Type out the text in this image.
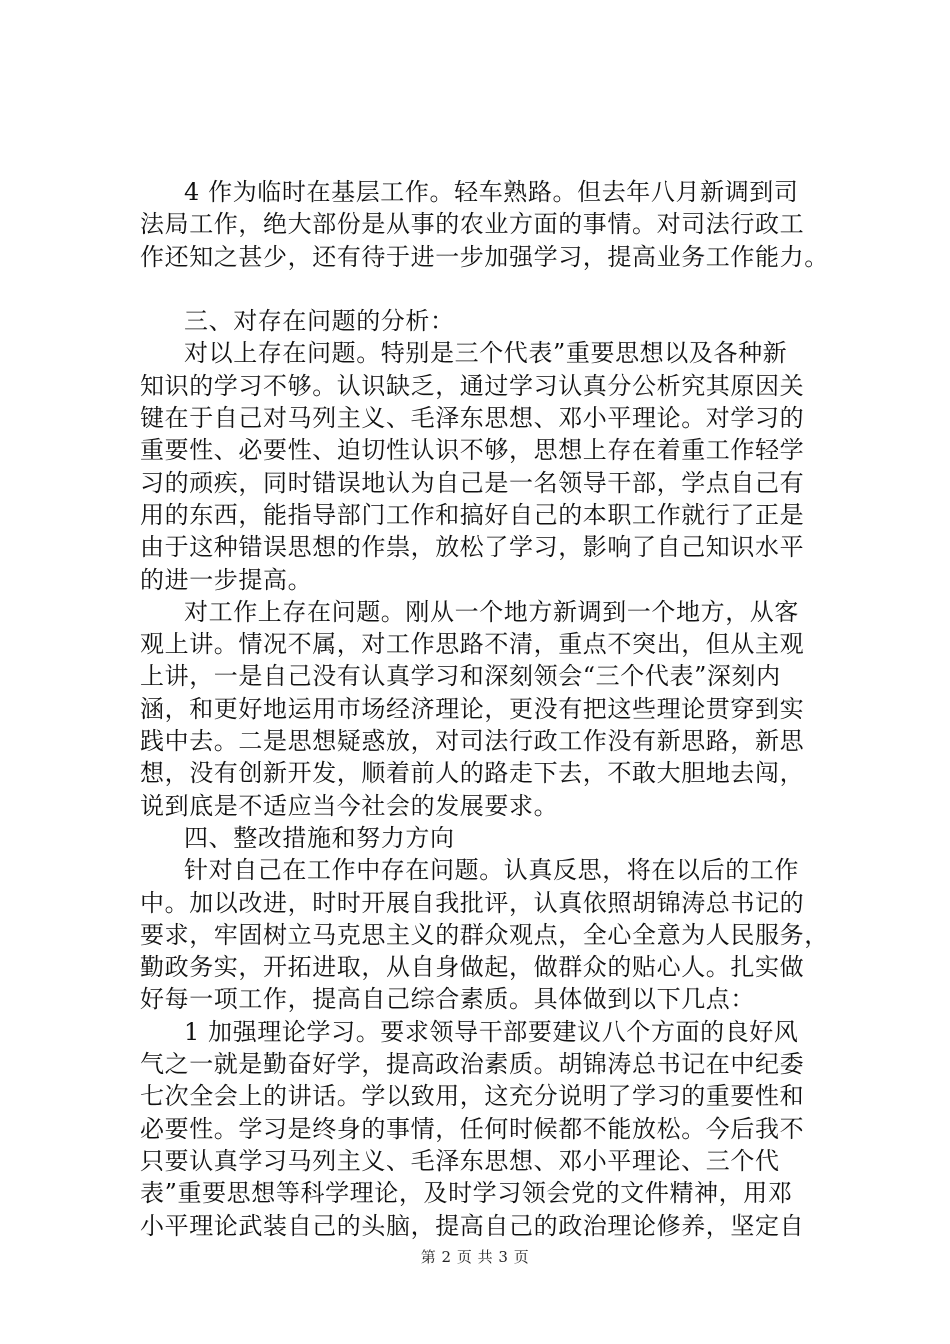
4 作为临时在基层工作。轻车熟路。但去年八月新调到司
法局工作，绝大部份是从事的农业方面的事情。对司法行政工
作还知之甚少，还有待于进一步加强学习，提高业务工作能力。
三、对存在问题的分析：
对以上存在问题。特别是三个代表”重要思想以及各种新
知识的学习不够。认识缺乏，通过学习认真分公析究其原因关
键在于自己对马列主义、毛泽东思想、邓小平理论。对学习的
重要性、必要性、迫切性认识不够，思想上存在着重工作轻学
习的顽疾，同时错误地认为自己是一名领导干部，学点自己有
用的东西，能指导部门工作和搞好自己的本职工作就行了正是
由于这种错误思想的作祟，放松了学习，影响了自己知识水平
的进一步提高。
对工作上存在问题。刚从一个地方新调到一个地方，从客
观上讲。情况不属，对工作思路不清，重点不突出，但从主观
上讲，一是自己没有认真学习和深刻领会“三个代表”深刻内
涵，和更好地运用市场经济理论，更没有把这些理论贯穿到实
践中去。二是思想疑惑放，对司法行政工作没有新思路，新思
想，没有创新开发，顺着前人的路走下去，不敢大胆地去闯，
说到底是不适应当今社会的发展要求。
四、整改措施和努力方向
针对自己在工作中存在问题。认真反思，将在以后的工作
中。加以改进，时时开展自我批评，认真依照胡锦涛总书记的
要求，牢固树立马克思主义的群众观点，全心全意为人民服务，
勤政务实，开拓进取，从自身做起，做群众的贴心人。扎实做
好每一项工作，提高自己综合素质。具体做到以下几点：
1 加强理论学习。要求领导干部要建议八个方面的良好风
气之一就是勤奋好学，提高政治素质。胡锦涛总书记在中纪委
七次全会上的讲话。学以致用，这充分说明了学习的重要性和
必要性。学习是终身的事情，任何时候都不能放松。今后我不
只要认真学习马列主义、毛泽东思想、邓小平理论、三个代
表”重要思想等科学理论，及时学习领会党的文件精神，用邓
小平理论武装自己的头脑，提高自己的政治理论修养，坚定自
第 2 页 共 3 页
